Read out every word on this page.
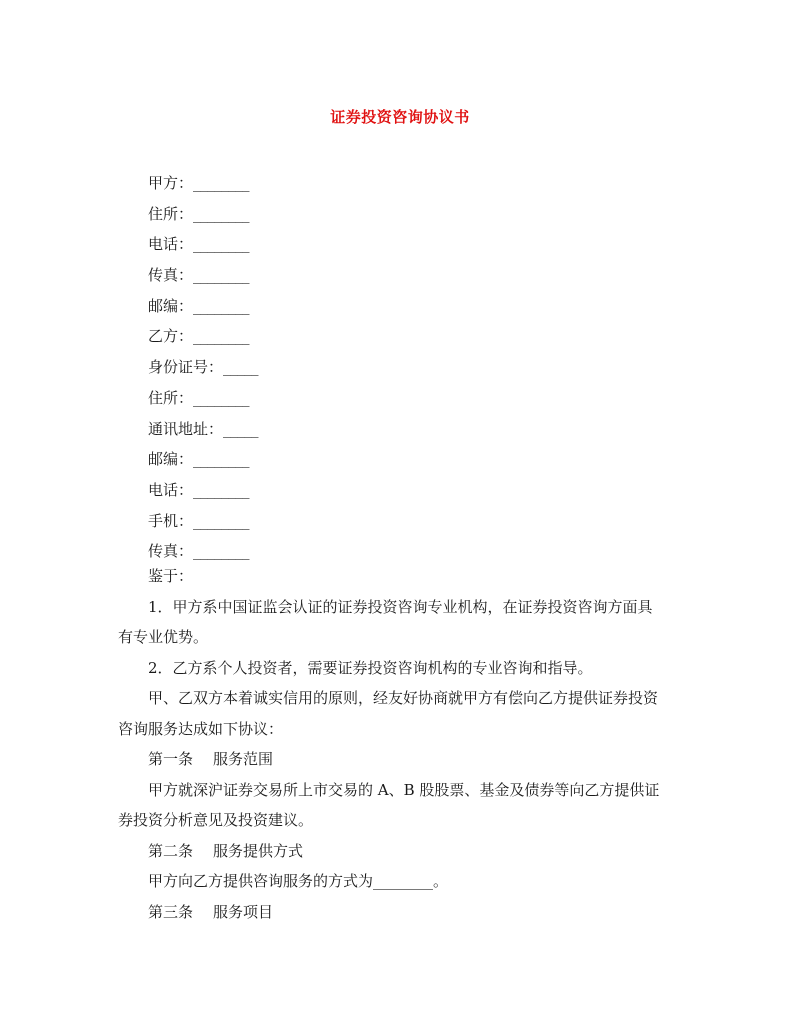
证券投资咨询协议书
甲方：________
住所：________
电话：________
传真：________
邮编：________
乙方：________
身份证号：_____
住所：________
通讯地址：_____
邮编：________
电话：________
手机：________
传真：________
鉴于：
1．甲方系中国证监会认证的证券投资咨询专业机构，在证券投资咨询方面具
有专业优势。
2．乙方系个人投资者，需要证券投资咨询机构的专业咨询和指导。
甲、乙双方本着诚实信用的原则，经友好协商就甲方有偿向乙方提供证券投资
咨询服务达成如下协议：
第一条 服务范围
甲方就深沪证券交易所上市交易的 A、B 股股票、基金及债券等向乙方提供证
券投资分析意见及投资建议。
第二条 服务提供方式
甲方向乙方提供咨询服务的方式为________。
第三条 服务项目
